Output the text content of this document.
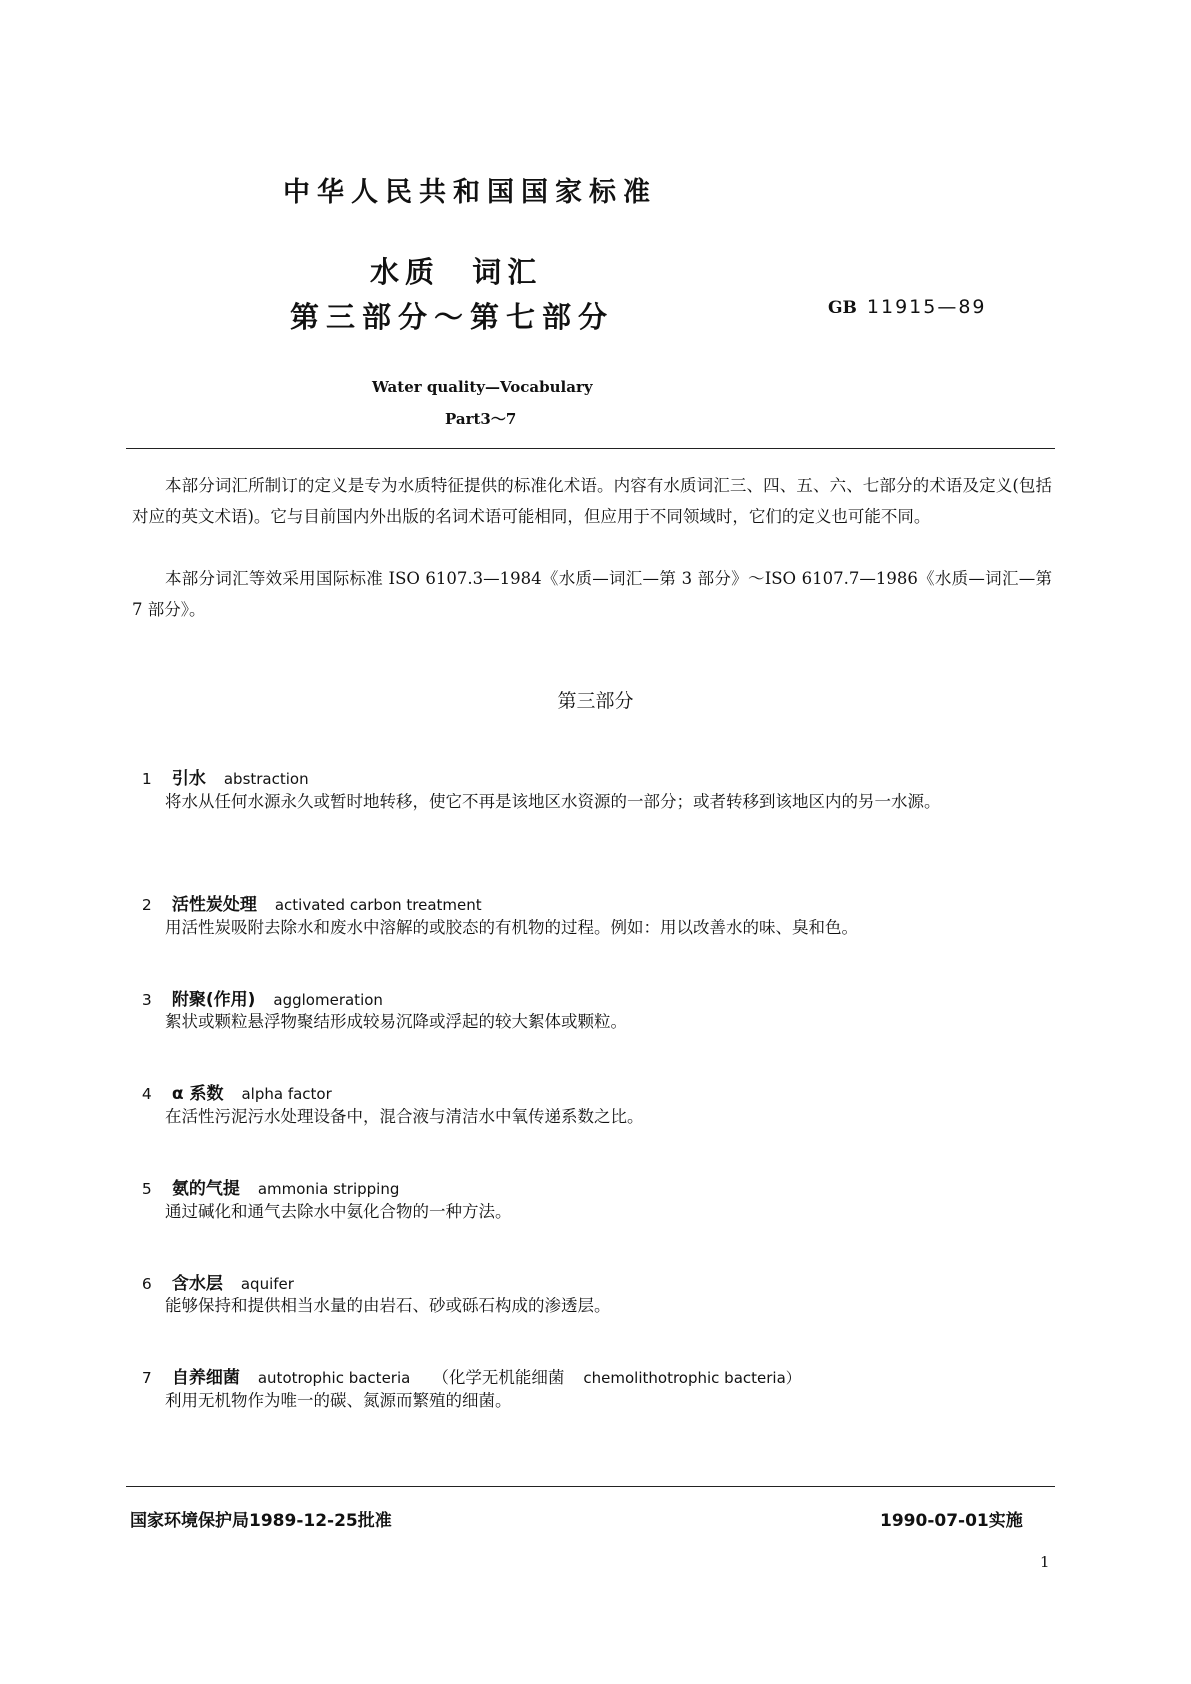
中华人民共和国国家标准
水质  词汇
第三部分～第七部分	GB 11915—89
Water quality—Vocabulary
Part3～7
本部分词汇所制订的定义是专为水质特征提供的标准化术语。内容有水质词汇三、四、五、六、七部分的术语及定义(包括对应的英文术语)。它与目前国内外出版的名词术语可能相同，但应用于不同领域时，它们的定义也可能不同。
本部分词汇等效采用国际标准 ISO 6107.3—1984《水质—词汇—第 3 部分》～ISO 6107.7—1986《水质—词汇—第 7 部分》。
第三部分

1 引水 abstraction

将水从任何水源永久或暂时地转移，使它不再是该地区水资源的一部分；或者转移到该地区内的另一水源。

2 活性炭处理 activated carbon treatment

用活性炭吸附去除水和废水中溶解的或胶态的有机物的过程。例如：用以改善水的味、臭和色。

3 附聚(作用) agglomeration

絮状或颗粒悬浮物聚结形成较易沉降或浮起的较大絮体或颗粒。

4 α 系数 alpha factor

在活性污泥污水处理设备中，混合液与清洁水中氧传递系数之比。

5 氨的气提 ammonia stripping

通过碱化和通气去除水中氨化合物的一种方法。

6 含水层 aquifer

能够保持和提供相当水量的由岩石、砂或砾石构成的渗透层。

7 自养细菌 autotrophic bacteria （化学无机能细菌 chemolithotrophic bacteria）

利用无机物作为唯一的碳、氮源而繁殖的细菌。
国家环境保护局1989-12-25批准	1990-07-01实施
1
